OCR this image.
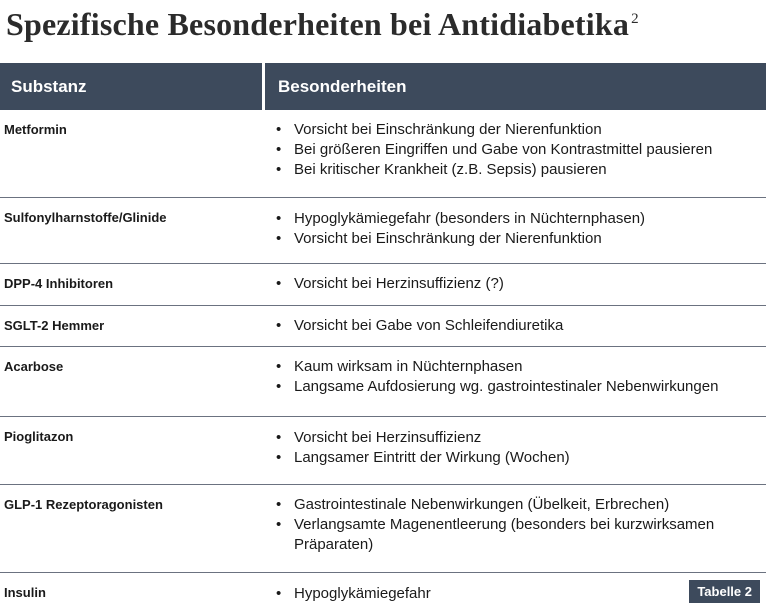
Spezifische Besonderheiten bei Antidiabetika $^2$
Substanz	Besonderheiten
Metformin	• Vorsicht bei Einschränkung der Nierenfunktion
• Bei größeren Eingriffen und Gabe von Kontrastmittel pausieren
• Bei kritischer Krankheit (z.B. Sepsis) pausieren
Sulfonylharnstoffe/Glinide	• Hypoglykämiegefahr (besonders in Nüchternphasen)
• Vorsicht bei Einschränkung der Nierenfunktion
DPP-4 Inhibitoren	• Vorsicht bei Herzinsuffizienz (?)
SGLT-2 Hemmer	• Vorsicht bei Gabe von Schleifendiuretika
Acarbose	• Kaum wirksam in Nüchternphasen
• Langsame Aufdosierung wg. gastrointestinaler Nebenwirkungen
Pioglitazon	• Vorsicht bei Herzinsuffizienz
• Langsamer Eintritt der Wirkung (Wochen)
GLP-1 Rezeptoragonisten	• Gastrointestinale Nebenwirkungen (Übelkeit, Erbrechen)
• Verlangsamte Magenentleerung (besonders bei kurzwirksamen Präparaten)
Insulin	• Hypoglykämiegefahr	Tabelle 2
